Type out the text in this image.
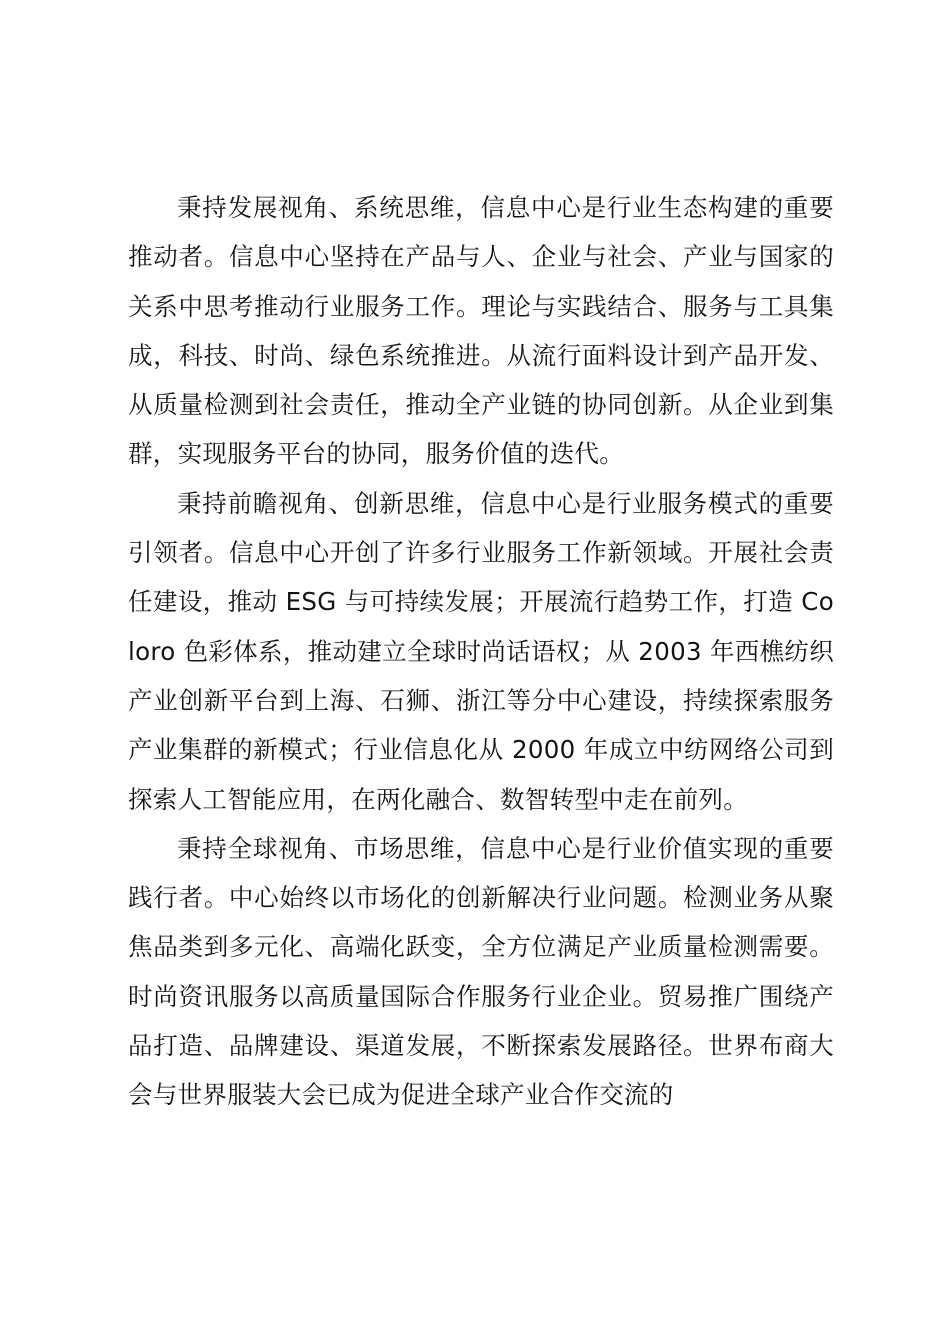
秉持发展视角、系统思维，信息中心是行业生态构建的重要推动者。信息中心坚持在产品与人、企业与社会、产业与国家的关系中思考推动行业服务工作。理论与实践结合、服务与工具集成，科技、时尚、绿色系统推进。从流行面料设计到产品开发、从质量检测到社会责任，推动全产业链的协同创新。从企业到集群，实现服务平台的协同，服务价值的迭代。

秉持前瞻视角、创新思维，信息中心是行业服务模式的重要引领者。信息中心开创了许多行业服务工作新领域。开展社会责任建设，推动 ESG 与可持续发展；开展流行趋势工作，打造 Coloro 色彩体系，推动建立全球时尚话语权；从 2003 年西樵纺织产业创新平台到上海、石狮、浙江等分中心建设，持续探索服务产业集群的新模式；行业信息化从 2000 年成立中纺网络公司到探索人工智能应用，在两化融合、数智转型中走在前列。

秉持全球视角、市场思维，信息中心是行业价值实现的重要践行者。中心始终以市场化的创新解决行业问题。检测业务从聚焦品类到多元化、高端化跃变，全方位满足产业质量检测需要。时尚资讯服务以高质量国际合作服务行业企业。贸易推广围绕产品打造、品牌建设、渠道发展，不断探索发展路径。世界布商大会与世界服装大会已成为促进全球产业合作交流的
